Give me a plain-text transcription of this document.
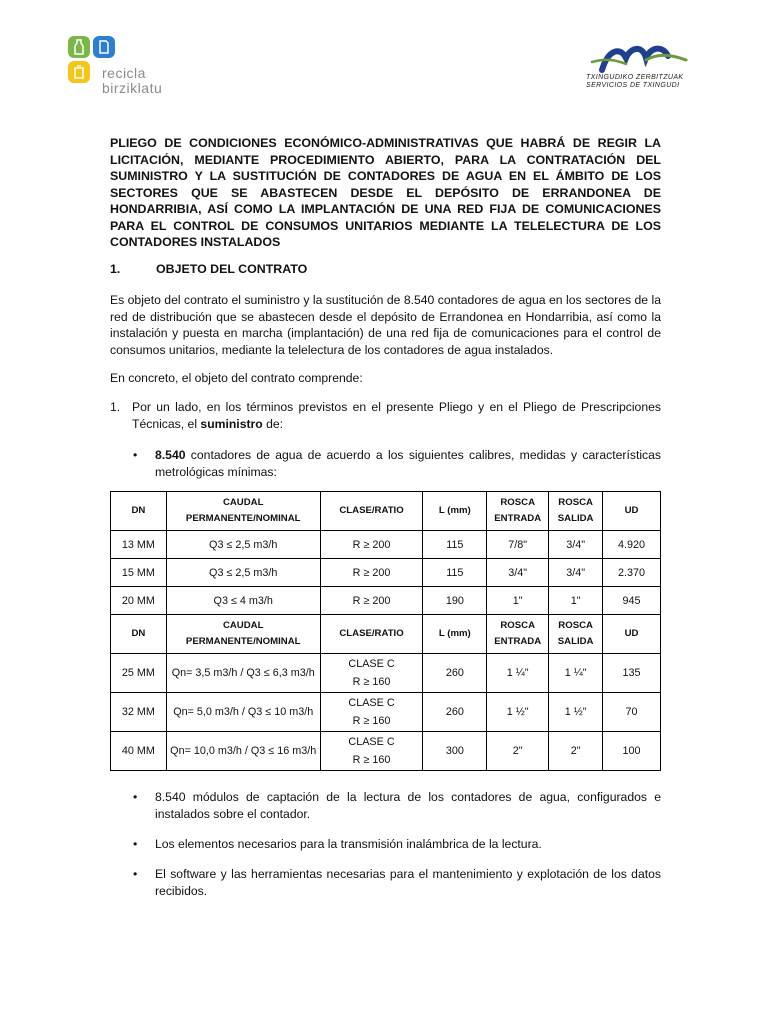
recicla
birziklatu
TXINGUDIKO ZERBITZUAK
SERVICIOS DE TXINGUDI
PLIEGO DE CONDICIONES ECONÓMICO-ADMINISTRATIVAS QUE HABRÁ DE REGIR LA LICITACIÓN, MEDIANTE PROCEDIMIENTO ABIERTO, PARA LA CONTRATACIÓN DEL SUMINISTRO Y LA SUSTITUCIÓN DE CONTADORES DE AGUA EN EL ÁMBITO DE LOS SECTORES QUE SE ABASTECEN DESDE EL DEPÓSITO DE ERRANDONEA DE HONDARRIBIA, ASÍ COMO LA IMPLANTACIÓN DE UNA RED FIJA DE COMUNICACIONES PARA EL CONTROL DE CONSUMOS UNITARIOS MEDIANTE LA TELELECTURA DE LOS CONTADORES INSTALADOS
1.	OBJETO DEL CONTRATO
Es objeto del contrato el suministro y la sustitución de 8.540 contadores de agua en los sectores de la red de distribución que se abastecen desde el depósito de Errandonea en Hondarribia, así como la instalación y puesta en marcha (implantación) de una red fija de comunicaciones para el control de consumos unitarios, mediante la telelectura de los contadores de agua instalados.
En concreto, el objeto del contrato comprende:
1. Por un lado, en los términos previstos en el presente Pliego y en el Pliego de Prescripciones Técnicas, el suministro de:
• 8.540 contadores de agua de acuerdo a los siguientes calibres, medidas y características metrológicas mínimas:
DN	CAUDAL PERMANENTE/NOMINAL	CLASE/RATIO	L (mm)	ROSCA ENTRADA	ROSCA SALIDA	UD
13 MM	Q3 ≤ 2,5 m3/h	R ≥ 200	115	7/8"	3/4"	4.920
15 MM	Q3 ≤ 2,5 m3/h	R ≥ 200	115	3/4"	3/4"	2.370
20 MM	Q3 ≤ 4 m3/h	R ≥ 200	190	1"	1"	945
DN	CAUDAL PERMANENTE/NOMINAL	CLASE/RATIO	L (mm)	ROSCA ENTRADA	ROSCA SALIDA	UD
25 MM	Qn= 3,5 m3/h / Q3 ≤ 6,3 m3/h	CLASE C
R ≥ 160	260	1 ¼"	1 ¼"	135
32 MM	Qn= 5,0 m3/h / Q3 ≤ 10 m3/h	CLASE C
R ≥ 160	260	1 ½"	1 ½"	70
40 MM	Qn= 10,0 m3/h / Q3 ≤ 16 m3/h	CLASE C
R ≥ 160	300	2"	2"	100
• 8.540 módulos de captación de la lectura de los contadores de agua, configurados e instalados sobre el contador.
• Los elementos necesarios para la transmisión inalámbrica de la lectura.
• El software y las herramientas necesarias para el mantenimiento y explotación de los datos recibidos.
